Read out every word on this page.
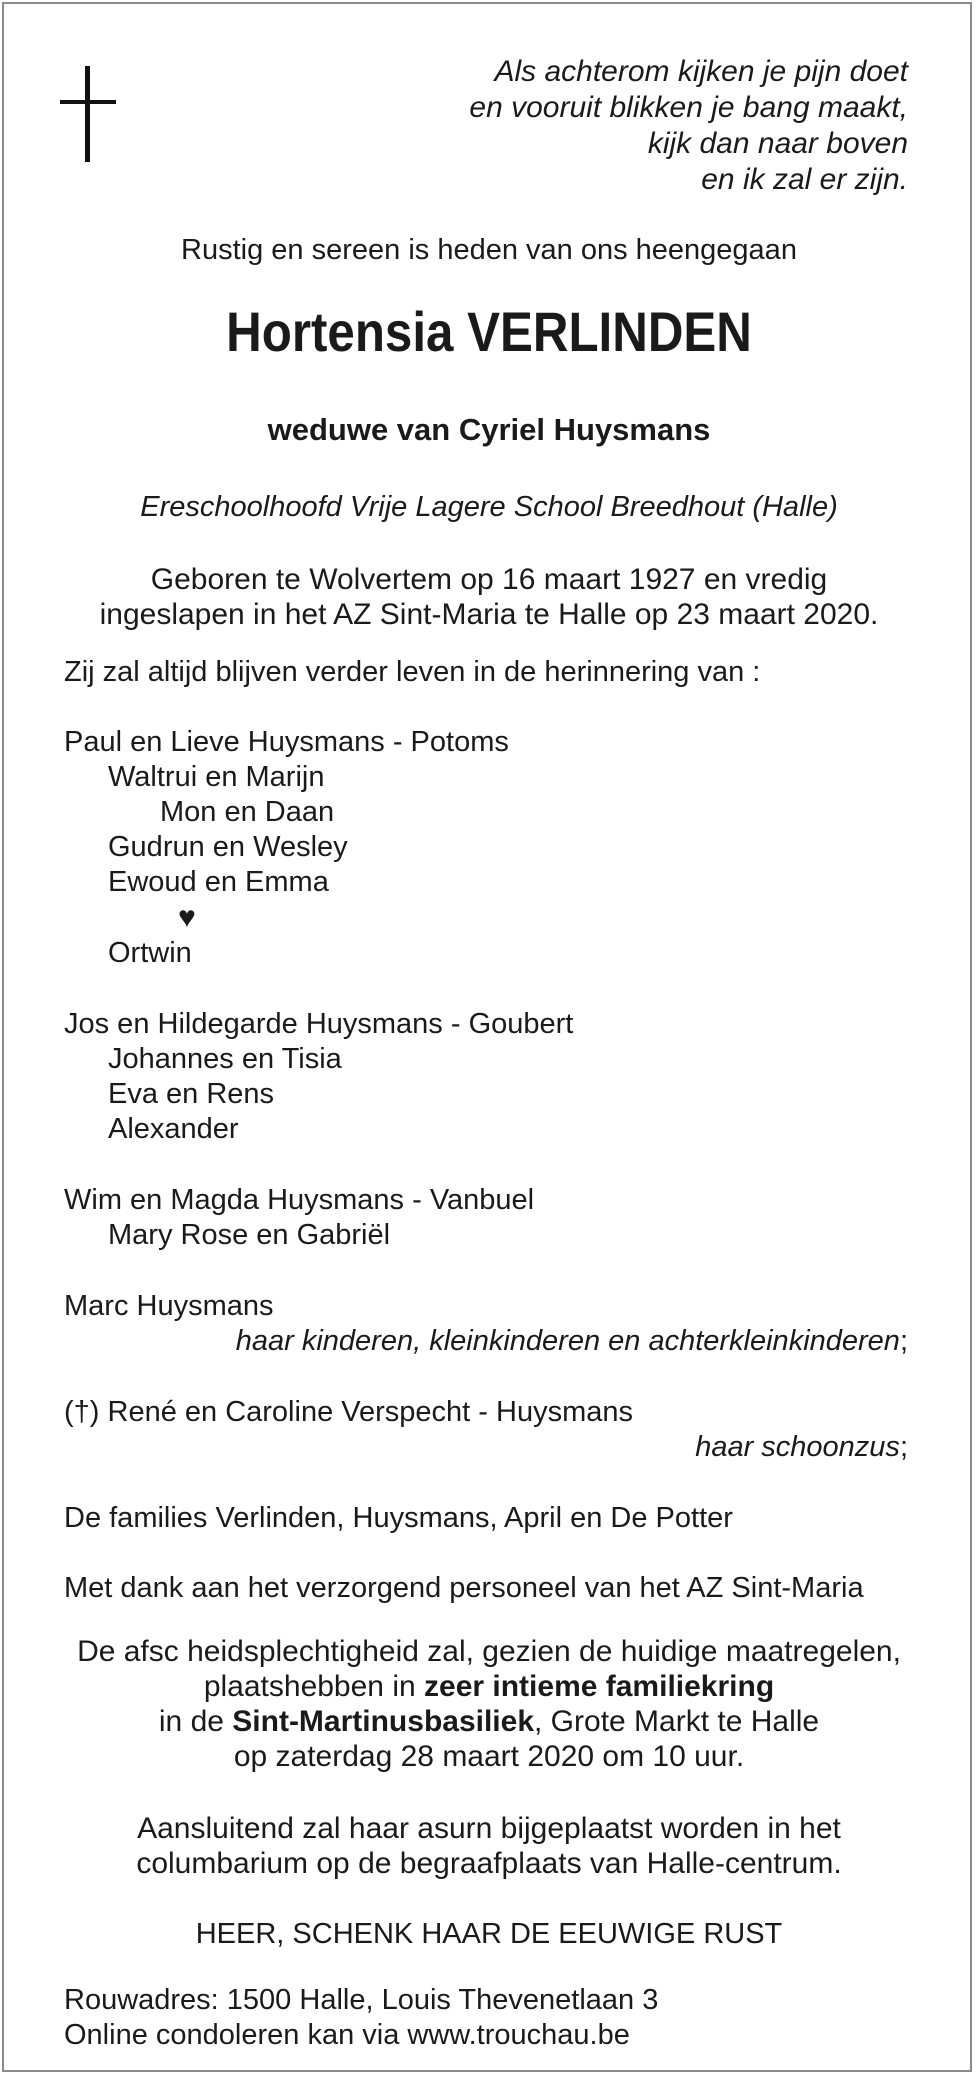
Als achterom kijken je pijn doet
en vooruit blikken je bang maakt,
kijk dan naar boven
en ik zal er zijn.
Rustig en sereen is heden van ons heengegaan
Hortensia VERLINDEN
weduwe van Cyriel Huysmans
Ereschoolhoofd Vrije Lagere School Breedhout (Halle)
Geboren te Wolvertem op 16 maart 1927 en vredig
ingeslapen in het AZ Sint-Maria te Halle op 23 maart 2020.
Zij zal altijd blijven verder leven in de herinnering van :
Paul en Lieve Huysmans - Potoms
Waltrui en Marijn
Mon en Daan
Gudrun en Wesley
Ewoud en Emma
♥
Ortwin
Jos en Hildegarde Huysmans - Goubert
Johannes en Tisia
Eva en Rens
Alexander
Wim en Magda Huysmans - Vanbuel
Mary Rose en Gabriël
Marc Huysmans
haar kinderen, kleinkinderen en achterkleinkinderen;
(†) René en Caroline Verspecht - Huysmans
haar schoonzus;
De families Verlinden, Huysmans, April en De Potter
Met dank aan het verzorgend personeel van het AZ Sint-Maria
De afsc heidsplechtigheid zal, gezien de huidige maatregelen,
plaatshebben in zeer intieme familiekring
in de Sint-Martinusbasiliek, Grote Markt te Halle
op zaterdag 28 maart 2020 om 10 uur.
Aansluitend zal haar asurn bijgeplaatst worden in het
columbarium op de begraafplaats van Halle-centrum.
HEER, SCHENK HAAR DE EEUWIGE RUST
Rouwadres: 1500 Halle, Louis Thevenetlaan 3
Online condoleren kan via www.trouchau.be
